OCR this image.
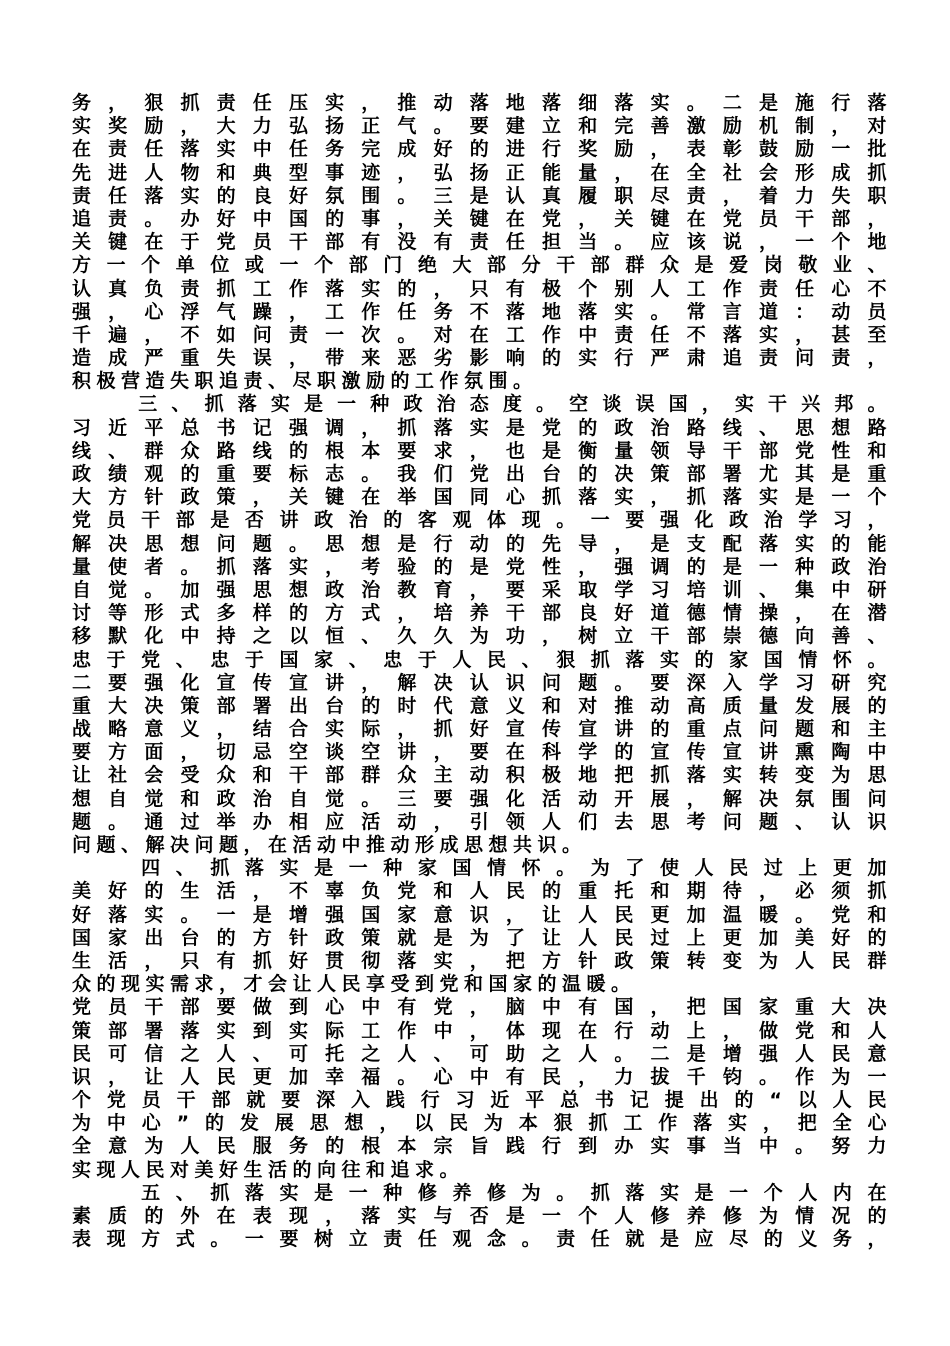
务，狠抓责任压实，推动落地落细落实。二是施行落
实奖励，大力弘扬正气。要建立和完善激励机制，对
在责任落实中任务完成好的进行奖励，表彰鼓励一批
先进人物和典型事迹，弘扬正能量，在全社会形成抓
责任落实的良好氛围。三是认真履职尽责，着力失职
追责。办好中国的事，关键在党，关键在党员干部，
关键在于党员干部有没有责任担当。应该说，一个地
方一个单位或一个部门绝大部分干部群众是爱岗敬业、
认真负责抓工作落实的，只有极个别人工作责任心不
强，心浮气躁，工作任务不落地落实。常言道：动员
千遍，不如问责一次。对在工作中责任不落实，甚至
造成严重失误，带来恶劣影响的实行严肃追责问责，
积极营造失职追责、尽职激励的工作氛围。
　　三、抓落实是一种政治态度。空谈误国，实干兴邦。
习近平总书记强调，抓落实是党的政治路线、思想路
线、群众路线的根本要求，也是衡量领导干部党性和
政绩观的重要标志。我们党出台的决策部署尤其是重
大方针政策，关键在举国同心抓落实，抓落实是一个
党员干部是否讲政治的客观体现。一要强化政治学习，
解决思想问题。思想是行动的先导，是支配落实的能
量使者。抓落实，考验的是党性，强调的是一种政治
自觉。加强思想政治教育，要采取学习培训、集中研
讨等形式多样的方式，培养干部良好道德情操，在潜
移默化中持之以恒、久久为功，树立干部崇德向善、
忠于党、忠于国家、忠于人民、狠抓落实的家国情怀。
二要强化宣传宣讲，解决认识问题。要深入学习研究
重大决策部署出台的时代意义和对推动高质量发展的
战略意义，结合实际，抓好宣传宣讲的重点问题和主
要方面，切忌空谈空讲，要在科学的宣传宣讲熏陶中
让社会受众和干部群众主动积极地把抓落实转变为思
想自觉和政治自觉。三要强化活动开展，解决氛围问
题。通过举办相应活动，引领人们去思考问题、认识
问题、解决问题，在活动中推动形成思想共识。
　　四、抓落实是一种家国情怀。为了使人民过上更加
美好的生活，不辜负党和人民的重托和期待，必须抓
好落实。一是增强国家意识，让人民更加温暖。党和
国家出台的方针政策就是为了让人民过上更加美好的
生活，只有抓好贯彻落实，把方针政策转变为人民群
众的现实需求，才会让人民享受到党和国家的温暖。
党员干部要做到心中有党，脑中有国，把国家重大决
策部署落实到实际工作中，体现在行动上，做党和人
民可信之人、可托之人、可助之人。二是增强人民意
识，让人民更加幸福。心中有民，力拔千钧。作为一
个党员干部就要深入践行习近平总书记提出的“以人民
为中心”的发展思想，以民为本狠抓工作落实，把全心
全意为人民服务的根本宗旨践行到办实事当中。努力
实现人民对美好生活的向往和追求。
　　五、抓落实是一种修养修为。抓落实是一个人内在
素质的外在表现，落实与否是一个人修养修为情况的
表现方式。一要树立责任观念。责任就是应尽的义务，
